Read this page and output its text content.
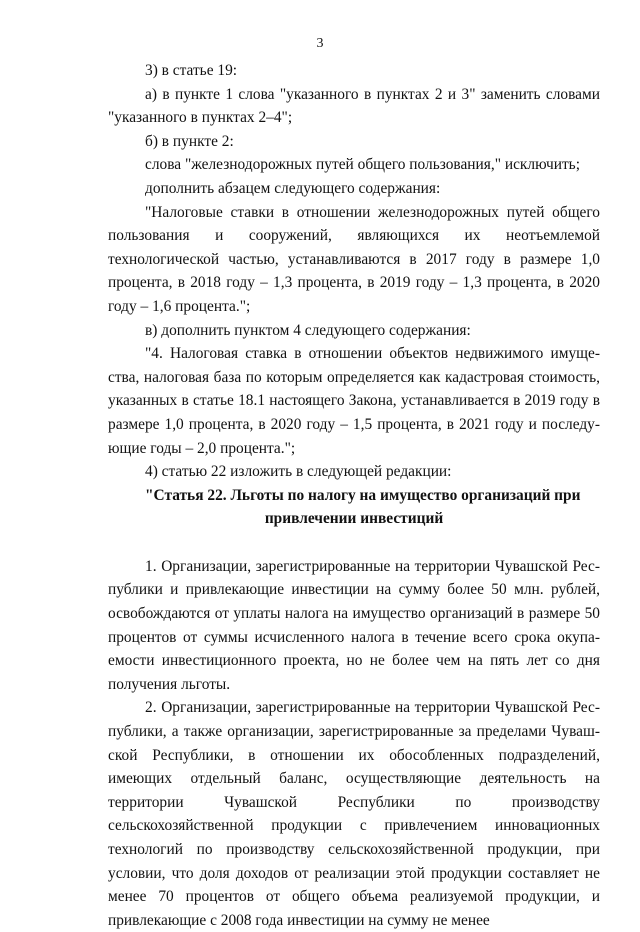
3

3) в статье 19:

а) в пункте 1 слова "указанного в пунктах 2 и 3" заменить словами "указанного в пунктах 2–4";

б) в пункте 2:

слова "железнодорожных путей общего пользования," исключить;

дополнить абзацем следующего содержания:

"Налоговые ставки в отношении железнодорожных путей общего пользования и сооружений, являющихся их неотъемлемой технологической частью, устанавливаются в 2017 году в размере 1,0 процента, в 2018 году – 1,3 процента, в 2019 году – 1,3 процента, в 2020 году – 1,6 процента.";

в) дополнить пунктом 4 следующего содержания:

"4. Налоговая ставка в отношении объектов недвижимого имущества, налоговая база по которым определяется как кадастровая стоимость, указанных в статье 18.1 настоящего Закона, устанавливается в 2019 году в размере 1,0 процента, в 2020 году – 1,5 процента, в 2021 году и последующие годы – 2,0 процента.";

4) статью 22 изложить в следующей редакции:

"Статья 22. Льготы по налогу на имущество организаций при
привлечении инвестиций

1. Организации, зарегистрированные на территории Чувашской Республики и привлекающие инвестиции на сумму более 50 млн. рублей, освобождаются от уплаты налога на имущество организаций в размере 50 процентов от суммы исчисленного налога в течение всего срока окупаемости инвестиционного проекта, но не более чем на пять лет со дня получения льготы.

2. Организации, зарегистрированные на территории Чувашской Республики, а также организации, зарегистрированные за пределами Чувашской Республики, в отношении их обособленных подразделений, имеющих отдельный баланс, осуществляющие деятельность на территории Чувашской Республики по производству сельскохозяйственной продукции с привлечением инновационных технологий по производству сельскохозяйственной продукции, при условии, что доля доходов от реализации этой продукции составляет не менее 70 процентов от общего объема реализуемой продукции, и привлекающие с 2008 года инвестиции на сумму не менее
